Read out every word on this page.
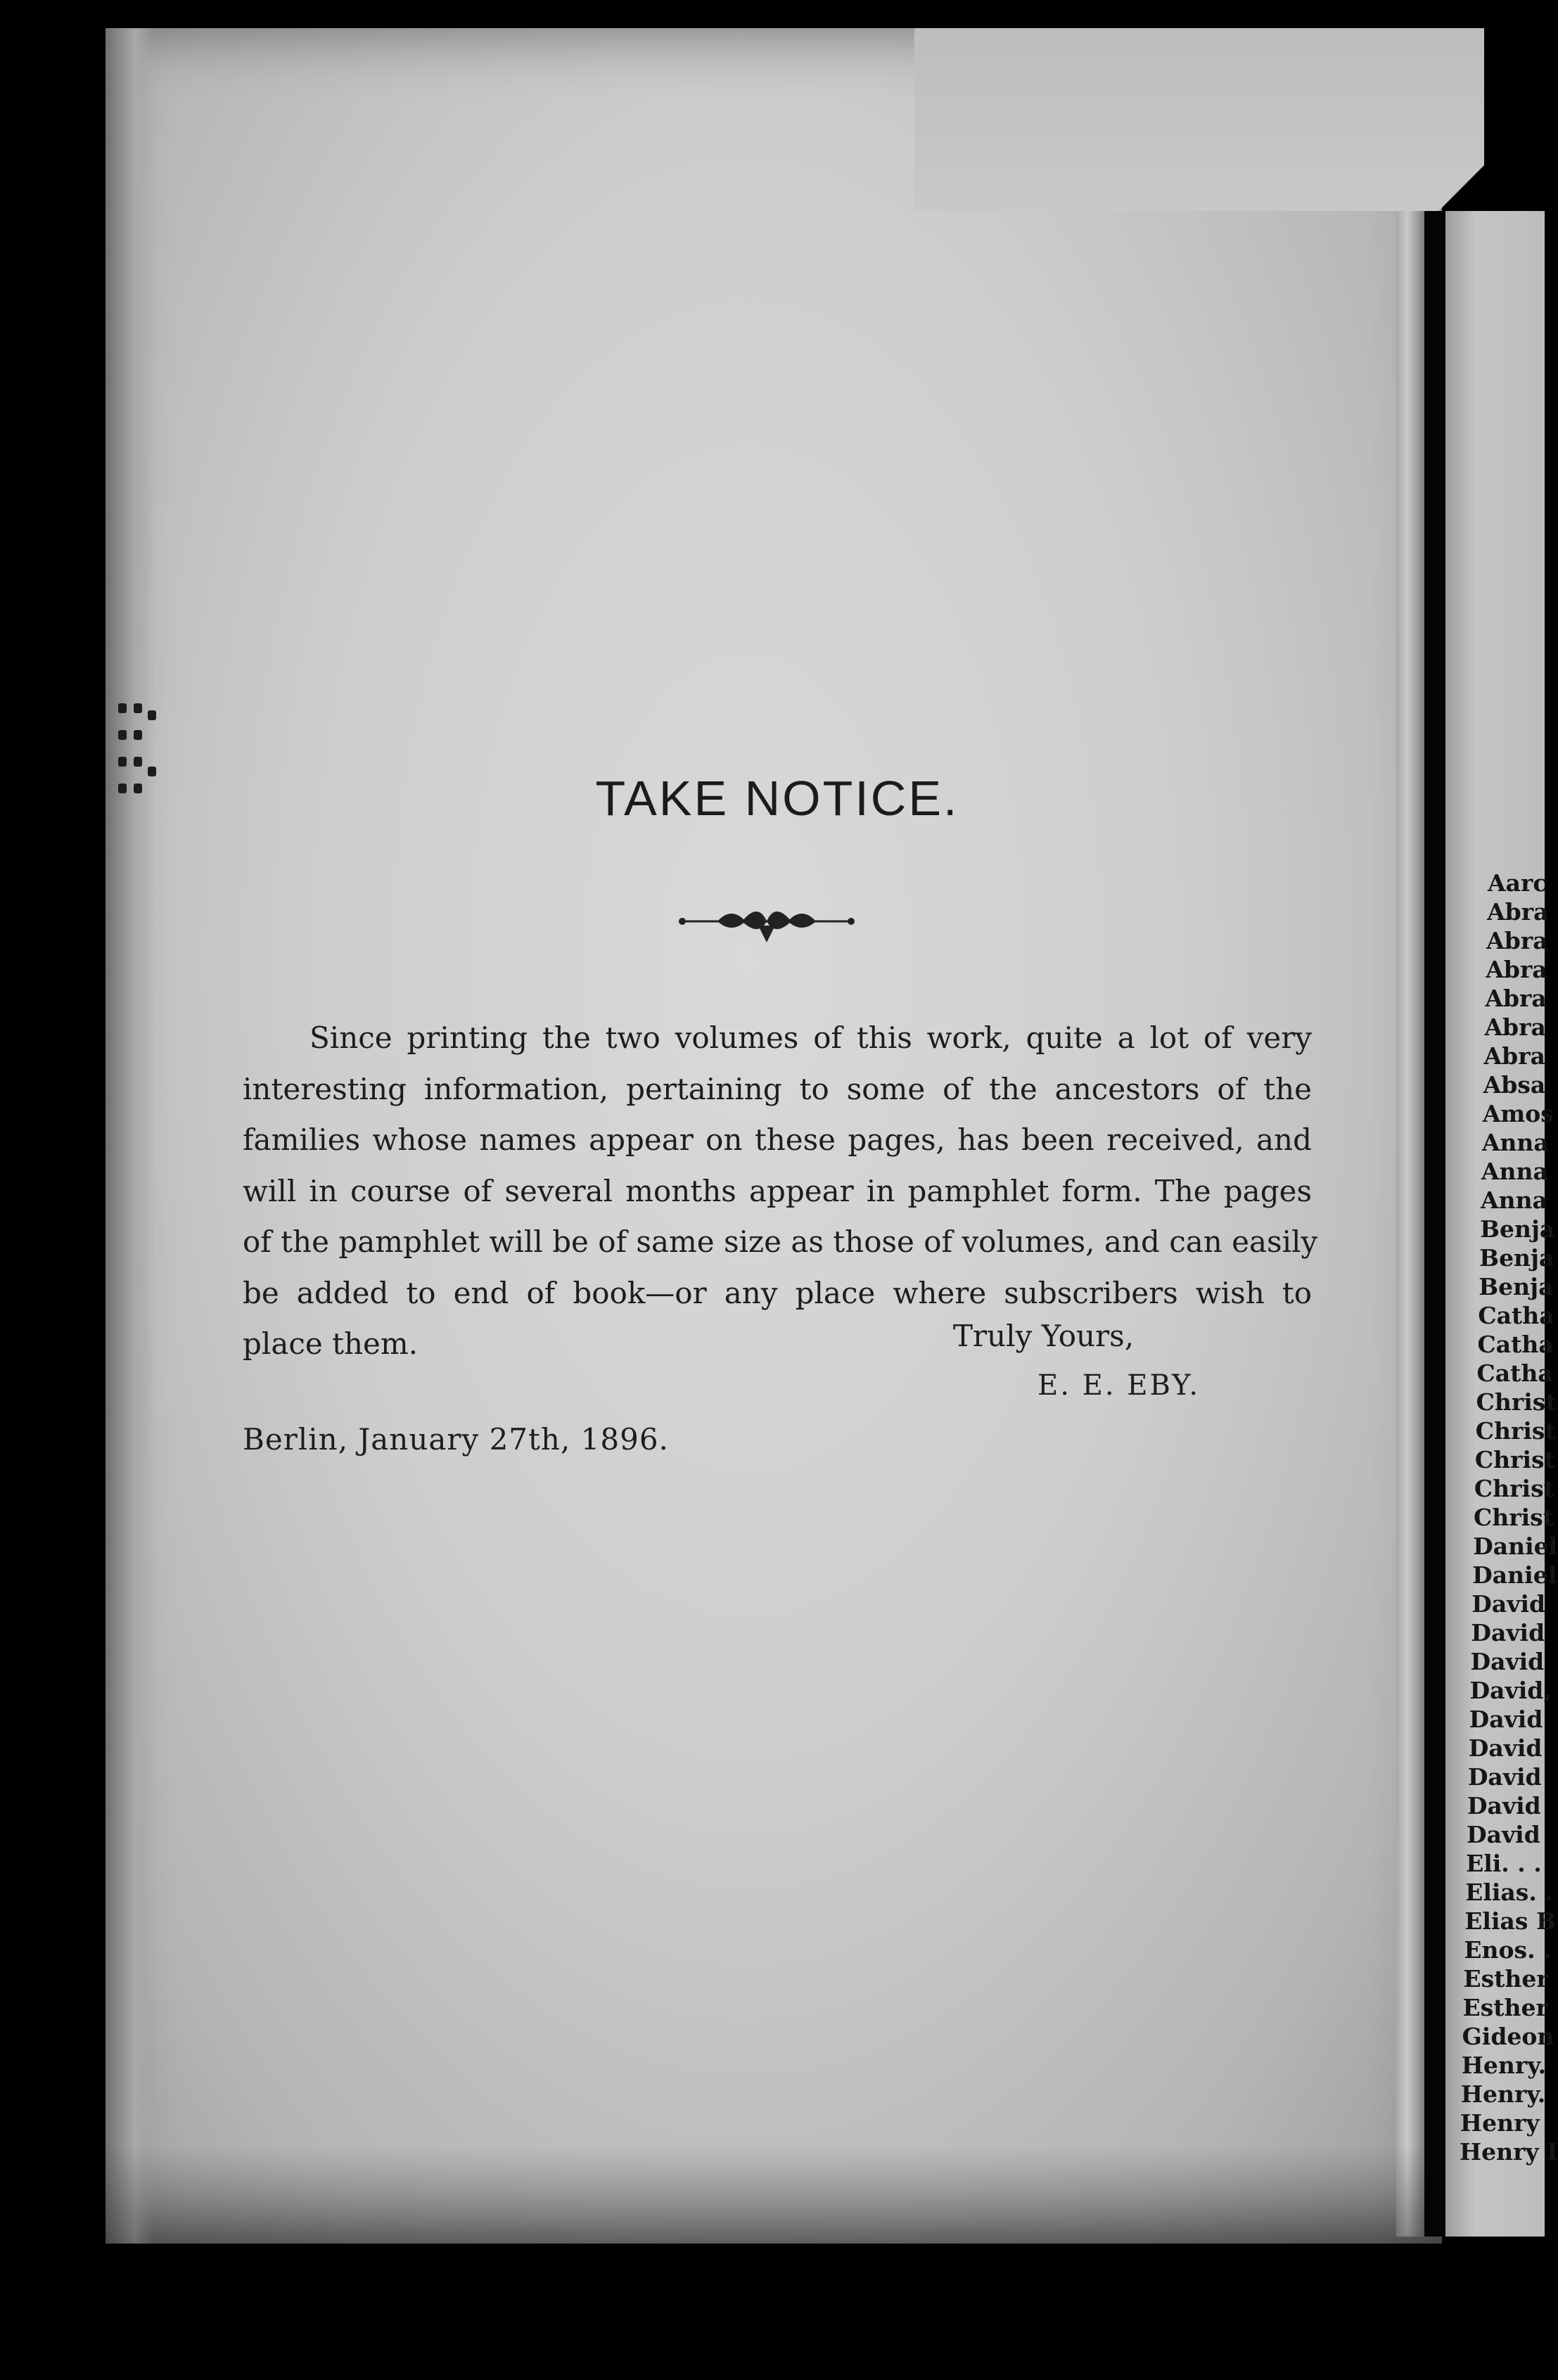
Aarc
Abra
Abra
Abra
Abra
Abra
Abra
Absa
Amos
Anna
Anna
Anna
Benja
Benja
Benja
Catha
Catha
Catha
Christ
Christ
Christ
Christ
Christ
Daniel
Daniel
David
David
David
David,
David
David
David
David
David
Eli. . .
Elias. .
Elias B
Enos. .
Esther
Esther
Gideon
Henry.
Henry.
Henry
Henry I
TAKE NOTICE.

Since printing the two volumes of this work, quite a lot of very
interesting information, pertaining to some of the ancestors of the
families whose names appear on these pages, has been received, and
will in course of several months appear in pamphlet form. The pages
of the pamphlet will be of same size as those of volumes, and can easily
be added to end of book—or any place where subscribers wish to
place them.	Truly Yours,
E. E. EBY.
Berlin, January 27th, 1896.
